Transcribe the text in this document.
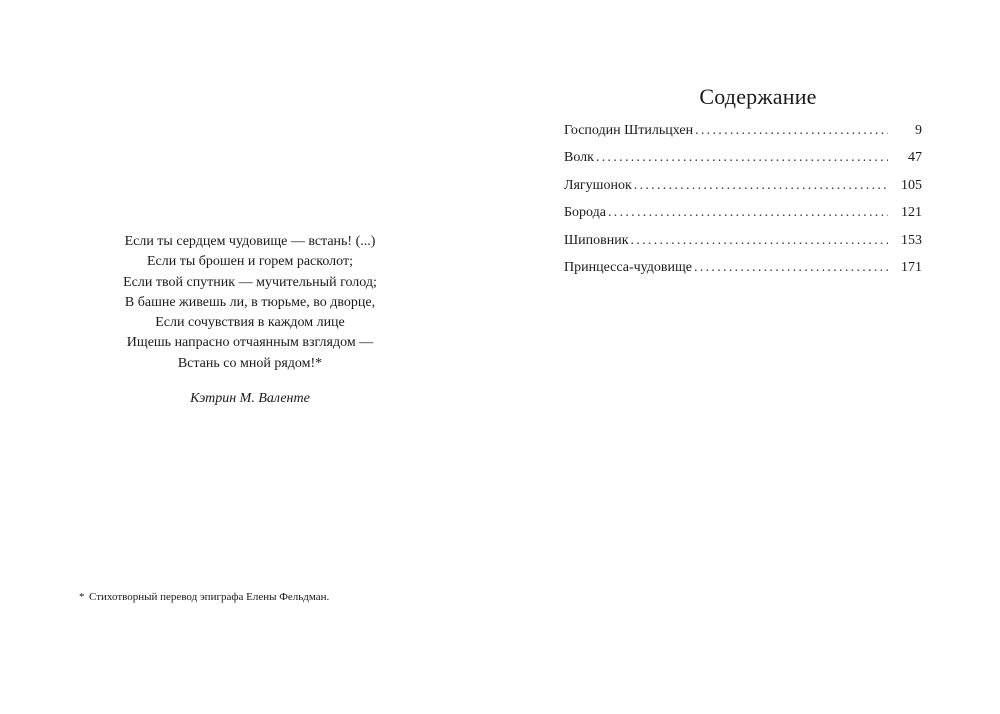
Если ты сердцем чудовище — встань! (...)
Если ты брошен и горем расколот;
Если твой спутник — мучительный голод;
В башне живешь ли, в тюрьме, во дворце,
Если сочувствия в каждом лице
Ищешь напрасно отчаянным взглядом —
Встань со мной рядом!*
Кэтрин М. Валенте
* Стихотворный перевод эпиграфа Елены Фельдман.
Содержание
Господин Штильцхен . . .	9
Волк . . .	47
Лягушонок . . .	105
Борода . . .	121
Шиповник . . .	153
Принцесса-чудовище . . .	171
